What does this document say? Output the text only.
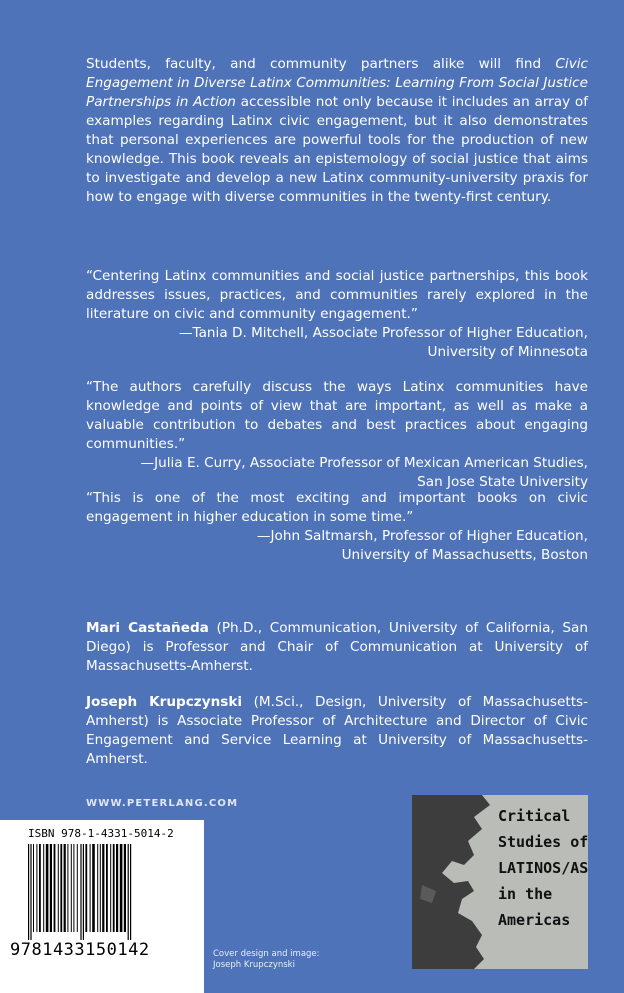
Students, faculty, and community partners alike will find Civic Engagement in Diverse Latinx Communities: Learning From Social Justice Partnerships in Action accessible not only because it includes an array of examples regarding Latinx civic engagement, but it also demonstrates that personal experiences are powerful tools for the production of new knowledge. This book reveals an epistemology of social justice that aims to investigate and develop a new Latinx community-university praxis for how to engage with diverse communities in the twenty-first century.

“Centering Latinx communities and social justice partnerships, this book addresses issues, practices, and communities rarely explored in the literature on civic and community engagement.”

—Tania D. Mitchell, Associate Professor of Higher Education,

University of Minnesota

“The authors carefully discuss the ways Latinx communities have knowledge and points of view that are important, as well as make a valuable contribution to debates and best practices about engaging communities.”

—Julia E. Curry, Associate Professor of Mexican American Studies,

San Jose State University

“This is one of the most exciting and important books on civic engagement in higher education in some time.”

—John Saltmarsh, Professor of Higher Education,

University of Massachusetts, Boston

Mari Castañeda (Ph.D., Communication, University of California, San Diego) is Professor and Chair of Communication at University of Massachusetts-Amherst.

Joseph Krupczynski (M.Sci., Design, University of Massachusetts-Amherst) is Associate Professor of Architecture and Director of Civic Engagement and Service Learning at University of Massachusetts-Amherst.

WWW.PETERLANG.COM
ISBN 978-1-4331-5014-2
9781433150142	Cover design and image:
Joseph Krupczynski
Critical
Studies of
LATINOS/AS
in the
Americas
